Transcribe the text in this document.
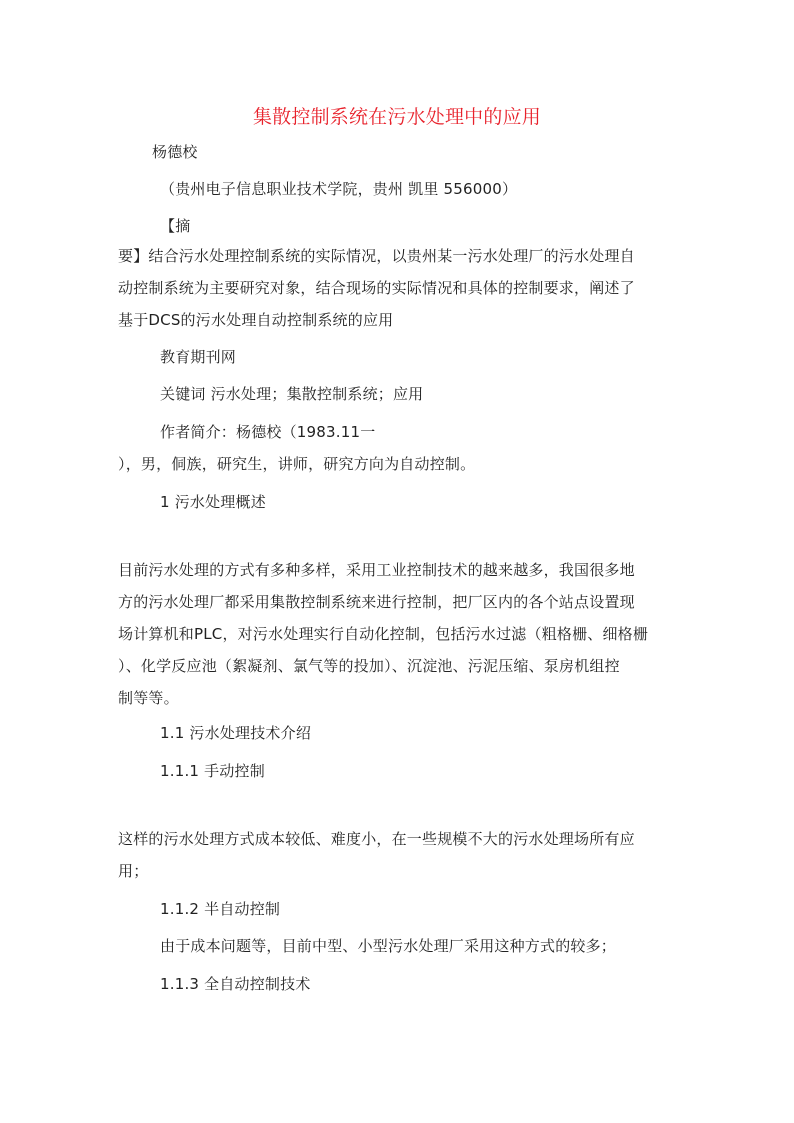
集散控制系统在污水处理中的应用
杨德校
（贵州电子信息职业技术学院，贵州 凯里 556000）
【摘
要】结合污水处理控制系统的实际情况，以贵州某一污水处理厂的污水处理自
动控制系统为主要研究对象，结合现场的实际情况和具体的控制要求，阐述了
基于DCS的污水处理自动控制系统的应用
教育期刊网
关键词 污水处理；集散控制系统；应用
作者简介：杨德校（1983.11一
），男，侗族，研究生，讲师，研究方向为自动控制。
1 污水处理概述
目前污水处理的方式有多种多样，采用工业控制技术的越来越多，我国很多地
方的污水处理厂都采用集散控制系统来进行控制，把厂区内的各个站点设置现
场计算机和PLC，对污水处理实行自动化控制，包括污水过滤（粗格栅、细格栅
）、化学反应池（絮凝剂、氯气等的投加）、沉淀池、污泥压缩、泵房机组控
制等等。
1.1 污水处理技术介绍
1.1.1 手动控制
这样的污水处理方式成本较低、难度小，在一些规模不大的污水处理场所有应
用；
1.1.2 半自动控制
由于成本问题等，目前中型、小型污水处理厂采用这种方式的较多；
1.1.3 全自动控制技术
